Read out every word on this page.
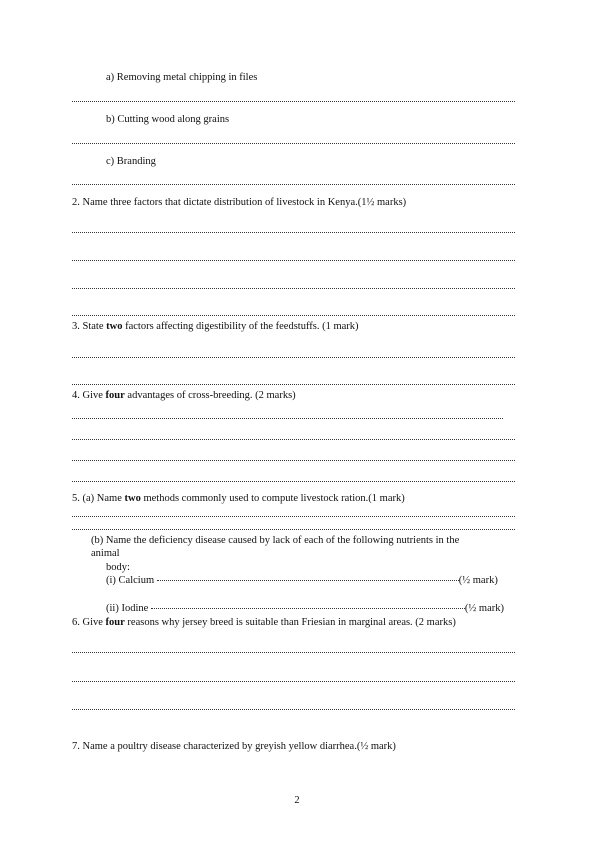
a) Removing metal chipping in files
b) Cutting wood along grains
c) Branding
2. Name three factors that dictate distribution of livestock in Kenya.(1½ marks)
3. State two factors affecting digestibility of the feedstuffs. (1 mark)
4. Give four advantages of cross-breeding. (2 marks)
5. (a) Name two methods commonly used to compute livestock ration.(1 mark)
(b) Name the deficiency disease caused by lack of each of the following nutrients in the
animal
body:
(i) Calcium	(½ mark)
(ii) Iodine	(½ mark)
6. Give four reasons why jersey breed is suitable than Friesian in marginal areas. (2 marks)
7. Name a poultry disease characterized by greyish yellow diarrhea.(½ mark)
2
